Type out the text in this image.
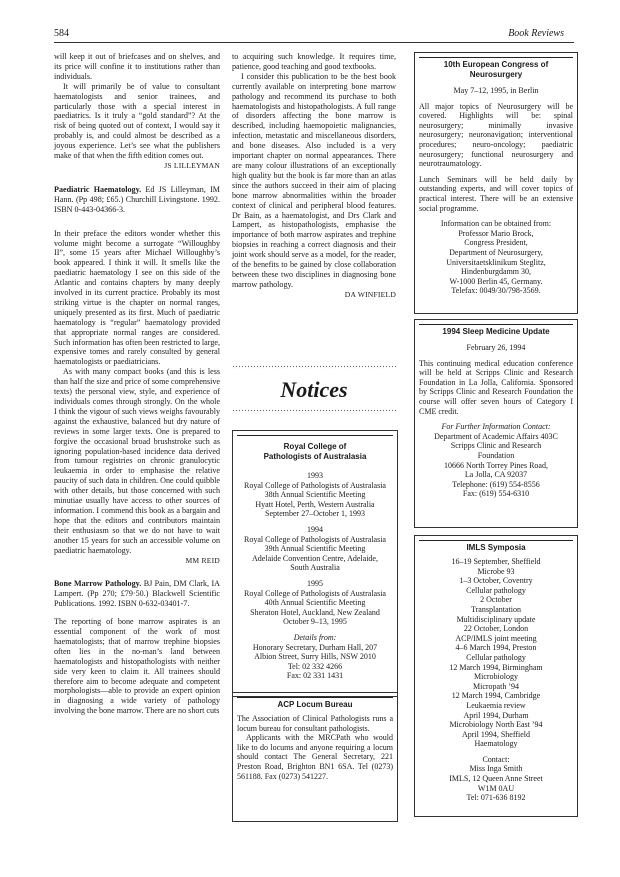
584	Book Reviews

will keep it out of briefcases and on shelves, and its price will confine it to institutions rather than individuals.

It will primarily be of value to consultant haematologists and senior trainees, and particularly those with a special interest in paediatrics. Is it truly a “gold standard”? At the risk of being quoted out of context, I would say it probably is, and could almost be described as a joyous experience. Let’s see what the publishers make of that when the fifth edition comes out.

JS LILLEYMAN

Paediatric Haematology. Ed JS Lilleyman, IM Hann. (Pp 498; £65.) Churchill Livingstone. 1992. ISBN 0-443-04366-3.

In their preface the editors wonder whether this volume might become a surrogate “Willoughby II”, some 15 years after Michael Willoughby’s book appeared. I think it will. It smells like the paediatric haematology I see on this side of the Atlantic and contains chapters by many deeply involved in its current practice. Probably its most striking virtue is the chapter on normal ranges, uniquely presented as its first. Much of paediatric haematology is “regular” haematology provided that appropriate normal ranges are considered. Such information has often been restricted to large, expensive tomes and rarely consulted by general haematologists or paediatricians.

As with many compact books (and this is less than half the size and price of some comprehensive texts) the personal view, style, and experience of individuals comes through strongly. On the whole I think the vigour of such views weighs favourably against the exhaustive, balanced but dry nature of reviews in some larger texts. One is prepared to forgive the occasional broad brushstroke such as ignoring population-based incidence data derived from tumour registries on chronic granulocytic leukaemia in order to emphasise the relative paucity of such data in children. One could quibble with other details, but those concerned with such minutiae usually have access to other sources of information. I commend this book as a bargain and hope that the editors and contributors maintain their enthusiasm so that we do not have to wait another 15 years for such an accessible volume on paediatric haematology.

MM REID

Bone Marrow Pathology. BJ Pain, DM Clark, IA Lampert. (Pp 270; £79·50.) Blackwell Scientific Publications. 1992. ISBN 0-632-03401-7.

The reporting of bone marrow aspirates is an essential component of the work of most haematologists; that of marrow trephine biopsies often lies in the no-man’s land between haematologists and histopathologists with neither side very keen to claim it. All trainees should therefore aim to become adequate and competent morphologists—able to provide an expert opinion in diagnosing a wide variety of pathology involving the bone marrow. There are no short cuts

to acquiring such knowledge. It requires time, patience, good teaching and good textbooks.

I consider this publication to be the best book currently available on interpreting bone marrow pathology and recommend its purchase to both haematologists and histopathologists. A full range of disorders affecting the bone marrow is described, including haemopoietic malignancies, infection, metastatic and miscellaneous disorders, and bone diseases. Also included is a very important chapter on normal appearances. There are many colour illustrations of an exceptionally high quality but the book is far more than an atlas since the authors succeed in their aim of placing bone marrow abnormalities within the broader context of clinical and peripheral blood features. Dr Bain, as a haematologist, and Drs Clark and Lampert, as histopathologists, emphasise the importance of both marrow aspirates and trephine biopsies in reaching a correct diagnosis and their joint work should serve as a model, for the reader, of the benefits to be gained by close collaboration between these two disciplines in diagnosing bone marrow pathology.

DA WINFIELD

Notices
Royal College of
Pathologists of Australasia

1993

Royal College of Pathologists of Australasia

38th Annual Scientific Meeting

Hyatt Hotel, Perth, Western Australia

September 27–October 1, 1993

1994

Royal College of Pathologists of Australasia

39th Annual Scientific Meeting

Adelaide Convention Centre, Adelaide,

South Australia

1995

Royal College of Pathologists of Australasia

40th Annual Scientific Meeting

Sheraton Hotel, Auckland, New Zealand

October 9–13, 1995

Details from:

Honorary Secretary, Durham Hall, 207

Albion Street, Surry Hills, NSW 2010

Tel: 02 332 4266

Fax: 02 331 1431

ACP Locum Bureau

The Association of Clinical Pathologists runs a locum bureau for consultant pathologists.

Applicants with the MRCPath who would like to do locums and anyone requiring a locum should contact The General Secretary, 221 Preston Road, Brighton BN1 6SA. Tel (0273) 561188. Fax (0273) 541227.

10th European Congress of
Neurosurgery

May 7–12, 1995, in Berlin

All major topics of Neurosurgery will be covered. Highlights will be: spinal neurosurgery; minimally invasive neurosurgery; neuronavigation; interventional procedures; neuro-oncology; paediatric neurosurgery; functional neurosurgery and neurotraumatology.

Lunch Seminars will be held daily by outstanding experts, and will cover topics of practical interest. There will be an extensive social programme.

Information can be obtained from:

Professor Mario Brock,

Congress President,

Department of Neurosurgery,

Universitaetsklinikum Steglitz,

Hindenburgdamm 30,

W-1000 Berlin 45, Germany.

Telefax: 0049/30/798-3569.

1994 Sleep Medicine Update

February 26, 1994

This continuing medical education conference will be held at Scripps Clinic and Research Foundation in La Jolla, California. Sponsored by Scripps Clinic and Research Foundation the course will offer seven hours of Category I CME credit.

For Further Information Contact:

Department of Academic Affairs 403C

Scripps Clinic and Research

Foundation

10666 North Torrey Pines Road,

La Jolla, CA 92037

Telephone: (619) 554-8556

Fax: (619) 554-6310

IMLS Symposia

16–19 September, Sheffield

Microbe 93

1–3 October, Coventry

Cellular pathology

2 October

Transplantation

Multidisciplinary update

22 October, London

ACP/IMLS joint meeting

4–6 March 1994, Preston

Cellular pathology

12 March 1994, Birmingham

Microbiology

Micropath ’94

12 March 1994, Cambridge

Leukaemia review

April 1994, Durham

Microbiology North East ’94

April 1994, Sheffield

Haematology

Contact:

Miss Inga Smith

IMLS, 12 Queen Anne Street

W1M 0AU

Tel: 071-636 8192
